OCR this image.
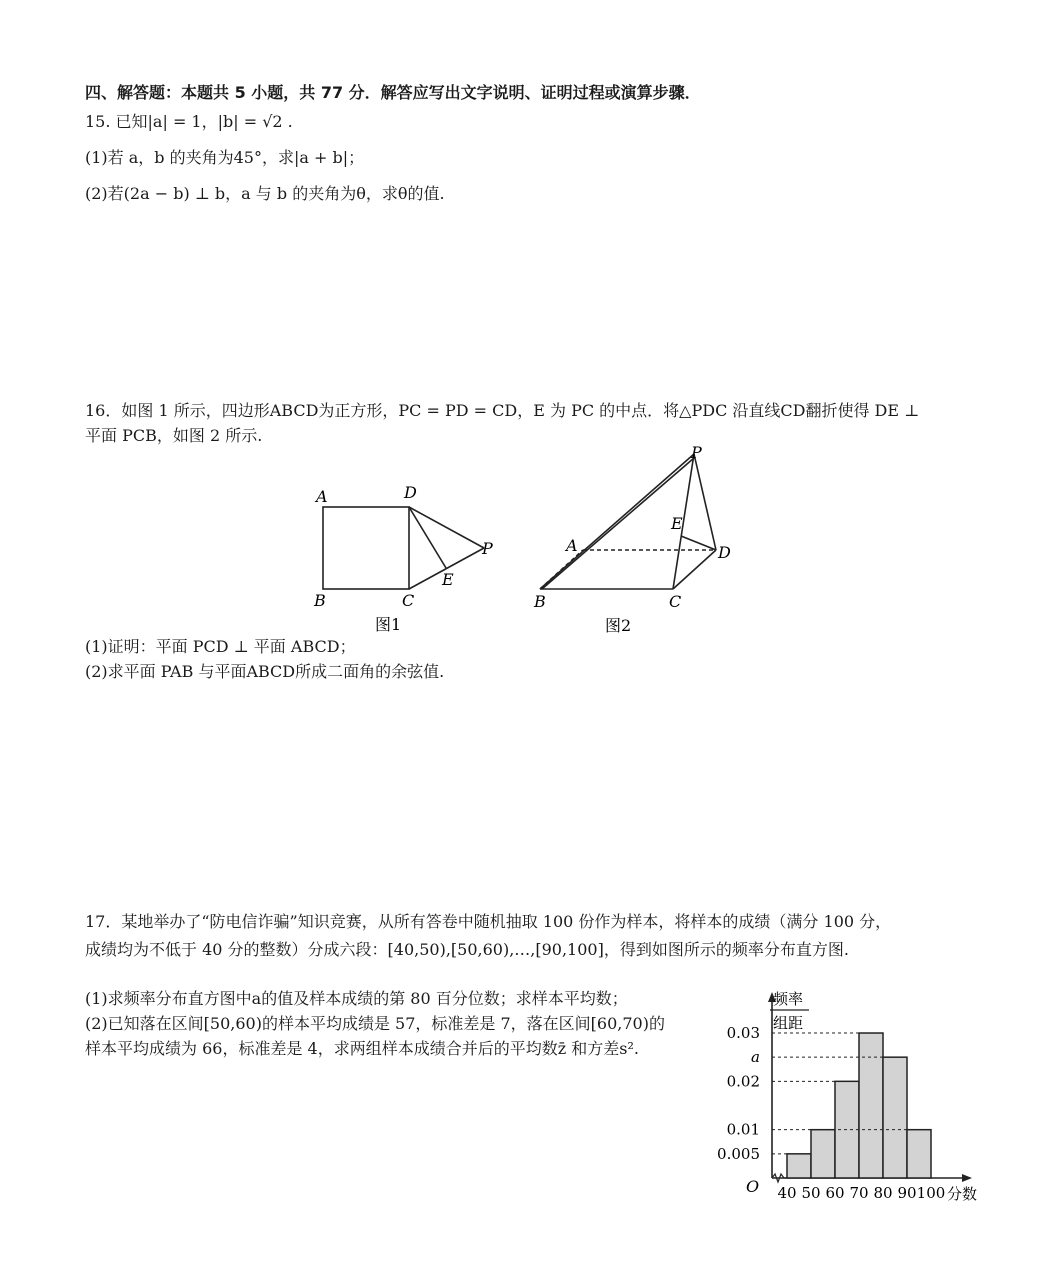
四、解答题：本题共 5 小题，共 77 分．解答应写出文字说明、证明过程或演算步骤．
15. 已知|a| = 1，|b| = √2 .
(1)若 a，b 的夹角为45°，求|a + b|；
(2)若(2a − b) ⊥ b，a 与 b 的夹角为θ，求θ的值.
16．如图 1 所示，四边形ABCD为正方形，PC = PD = CD，E 为 PC 的中点．将△PDC 沿直线CD翻折使得 DE ⊥
平面 PCB，如图 2 所示.
A	D
P
E
B	C
图1
P
E
A	D
B	C
图2
(1)证明：平面 PCD ⊥ 平面 ABCD；
(2)求平面 PAB 与平面ABCD所成二面角的余弦值.
17．某地举办了“防电信诈骗”知识竞赛，从所有答卷中随机抽取 100 份作为样本，将样本的成绩（满分 100 分，
成绩均为不低于 40 分的整数）分成六段：[40,50),[50,60),…,[90,100]，得到如图所示的频率分布直方图.
(1)求频率分布直方图中a的值及样本成绩的第 80 百分位数；求样本平均数；
(2)已知落在区间[50,60)的样本平均成绩是 57，标准差是 7，落在区间[60,70)的
样本平均成绩为 66，标准差是 4，求两组样本成绩合并后的平均数z̄ 和方差s².
频率
组距
O	分数
0.005
0.01
0.02
a
0.03
40 50 60 70 80 90 100
